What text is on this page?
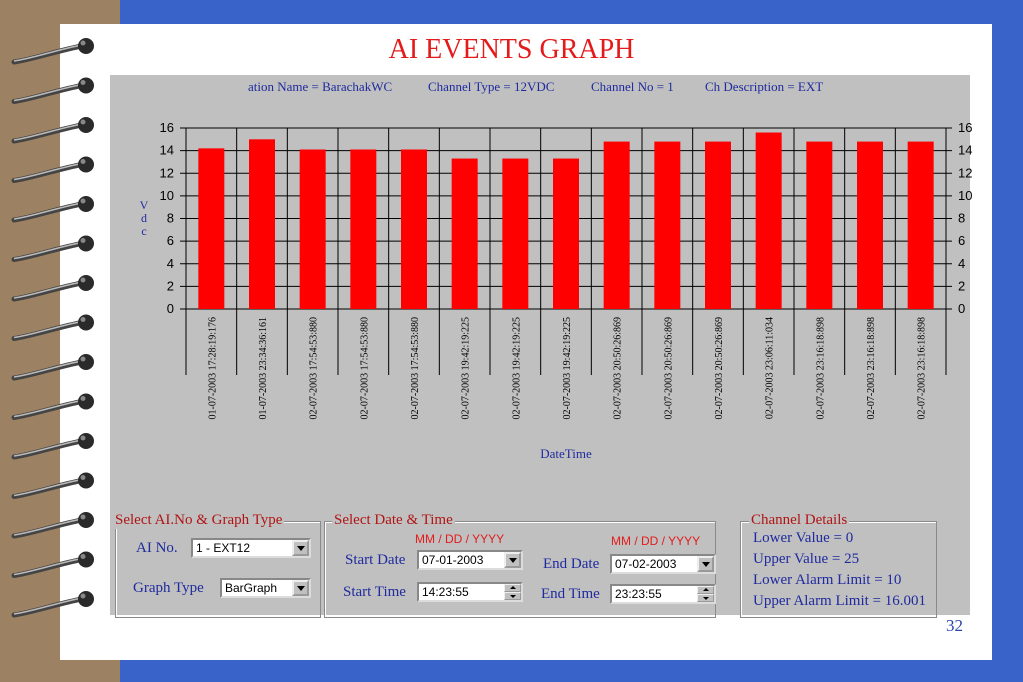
AI EVENTS GRAPH
ation Name = BarachakWC	Channel Type = 12VDC	Channel No = 1 Ch Description = EXT
0	0
2	2
4	4
6	6
8	8
10	10
12	12
14	14
16	16
01-07-2003 17:28:19:176	01-07-2003 23:34:36:161	02-07-2003 17:54:53:880	02-07-2003 17:54:53:880	02-07-2003 17:54:53:880	02-07-2003 19:42:19:225	02-07-2003 19:42:19:225	02-07-2003 19:42:19:225	02-07-2003 20:50:26:869	02-07-2003 20:50:26:869	02-07-2003 20:50:26:869	02-07-2003 23:06:11:034	02-07-2003 23:16:18:898	02-07-2003 23:16:18:898	02-07-2003 23:16:18:898
DateTime
V
d
c
Select AI.No & Graph Type
AI No.	1 - EXT12
Graph Type	BarGraph
Select Date & Time
MM / DD / YYYY	MM / DD / YYYY
Start Date	07-01-2003
Start Time	14:23:55
End Date	07-02-2003
End Time	23:23:55
Channel Details
Lower Value = 0
Upper Value = 25
Lower Alarm Limit = 10
Upper Alarm Limit = 16.001
32
